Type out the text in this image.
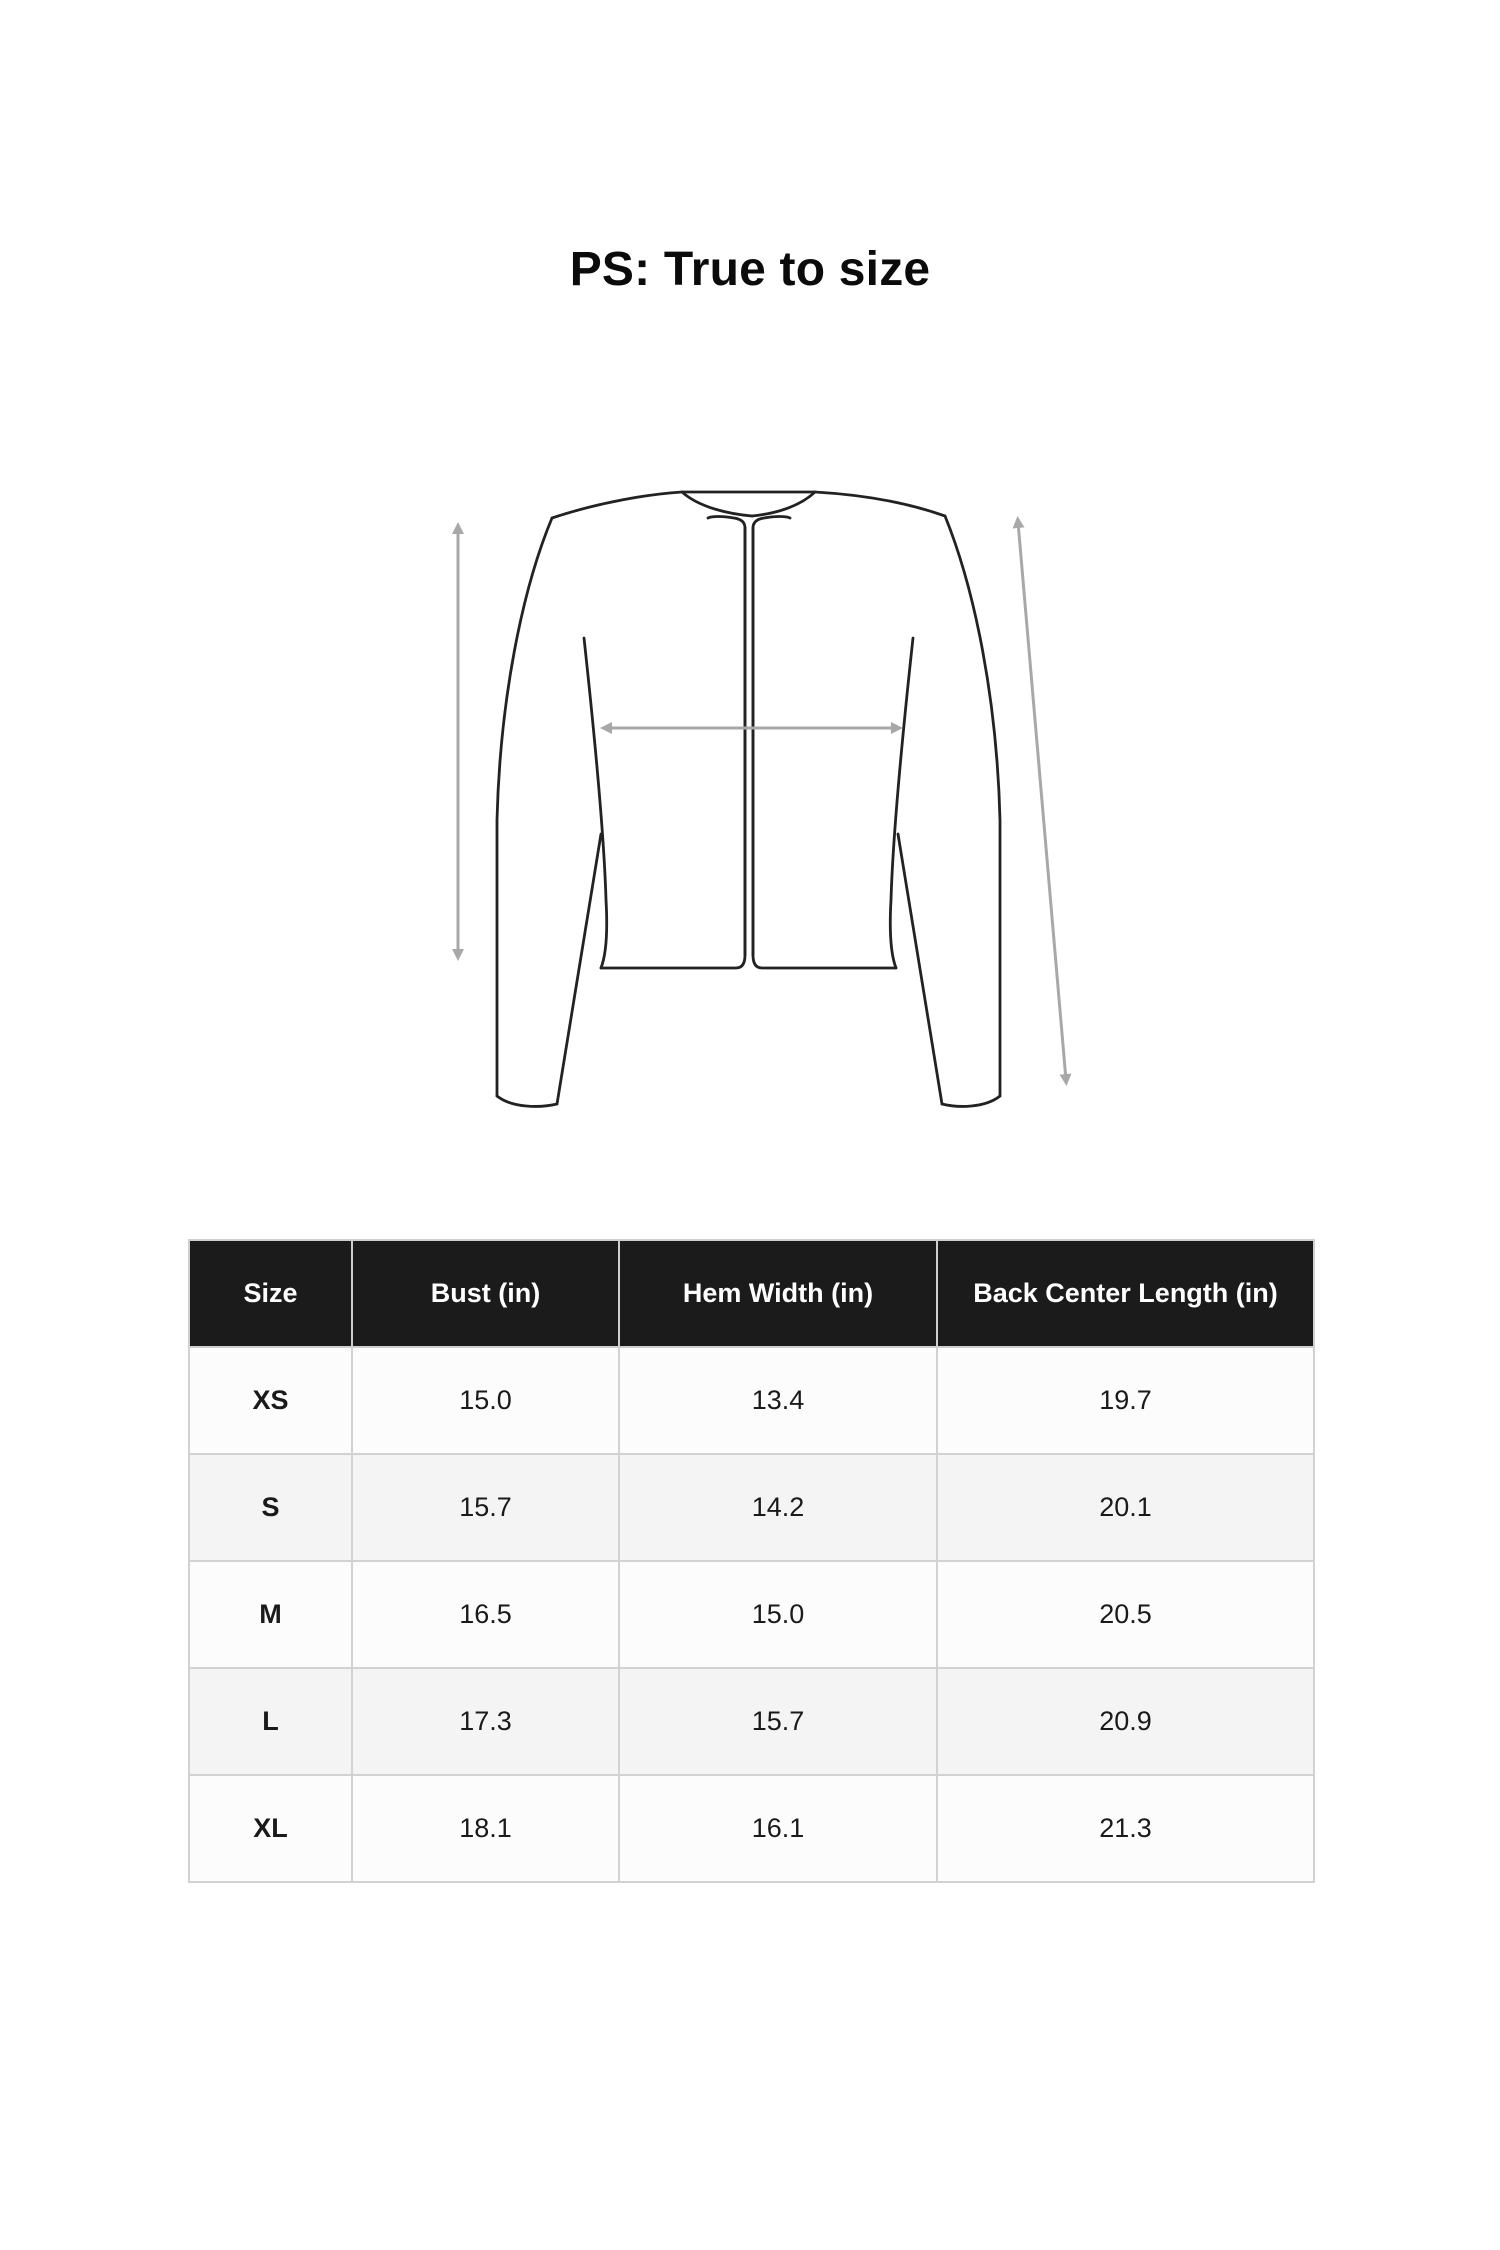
PS: True to size
Size	Bust (in)	Hem Width (in)	Back Center Length (in)
XS	15.0	13.4	19.7
S	15.7	14.2	20.1
M	16.5	15.0	20.5
L	17.3	15.7	20.9
XL	18.1	16.1	21.3
